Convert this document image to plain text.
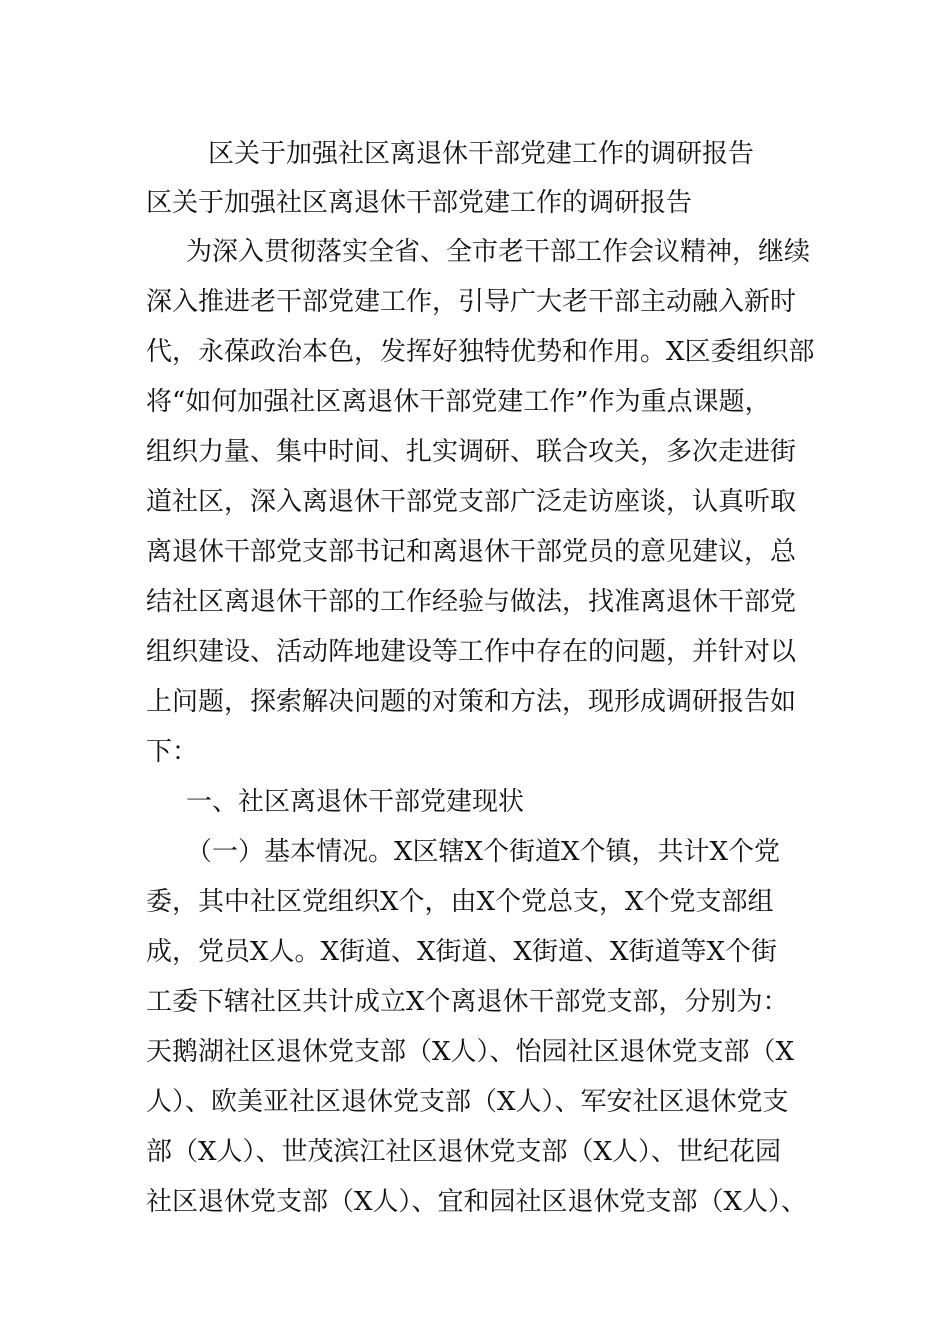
区关于加强社区离退休干部党建工作的调研报告
区关于加强社区离退休干部党建工作的调研报告
为深入贯彻落实全省、全市老干部工作会议精神，继续
深入推进老干部党建工作，引导广大老干部主动融入新时
代，永葆政治本色，发挥好独特优势和作用。X区委组织部
将“如何加强社区离退休干部党建工作”作为重点课题，
组织力量、集中时间、扎实调研、联合攻关，多次走进街
道社区，深入离退休干部党支部广泛走访座谈，认真听取
离退休干部党支部书记和离退休干部党员的意见建议，总
结社区离退休干部的工作经验与做法，找准离退休干部党
组织建设、活动阵地建设等工作中存在的问题，并针对以
上问题，探索解决问题的对策和方法，现形成调研报告如
下：
一、社区离退休干部党建现状
（一）基本情况。X区辖X个街道X个镇，共计X个党
委，其中社区党组织X个，由X个党总支，X个党支部组
成，党员X人。X街道、X街道、X街道、X街道等X个街
工委下辖社区共计成立X个离退休干部党支部，分别为：
天鹅湖社区退休党支部（X人）、怡园社区退休党支部（X
人）、欧美亚社区退休党支部（X人）、军安社区退休党支
部（X人）、世茂滨江社区退休党支部（X人）、世纪花园
社区退休党支部（X人）、宜和园社区退休党支部（X人）、
